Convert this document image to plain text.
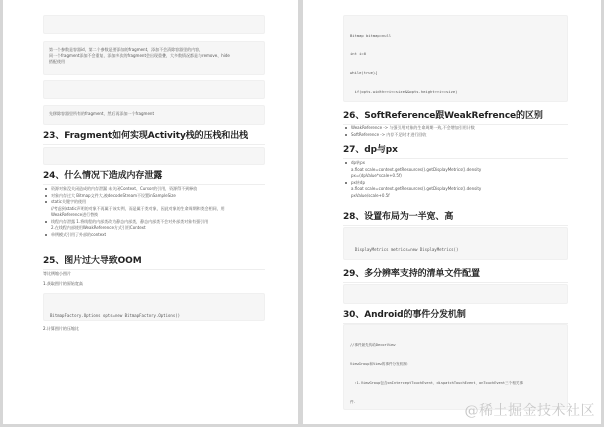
第一个参数是容器id，第二个参数是要添加的fragment，添加不会清除容器里的内容，
同一个fragment添加不会重复，添加多次的fragment会出现重叠，大多数情况都是与remove、hide
搭配使用

先移除容器里所有的fragment，然后再添加一个fragment
23、Fragment如何实现Activity栈的压栈和出栈

24、什么情况下造成内存泄露
资源对象没关闭造成的内存泄漏 未关闭Context、Cursor的引用，资源得不到释放
对象内存过大 Bitmap文件大,被decodeStream不设置inSampleSize
static关键字的使用
//考虑到static声明的对象不再属于该实例，而是属于类对象，因此对象的生命周期和类会相同，用
WeakReference进行替换
线程内存泄露 1.将线程的内部类改为静态内部类，静态内部类不会对外部类对象有强引用
2.在线程内部使用WeakReference方式引用Context
单例模式引用了外部的context
25、图片过大导致OOM
等比例缩小图片
1.获取图片的原始宽高

BitmapFactory.Options opts=new BitmapFactory.Options()

2.计算图片的压缩比

Bitmap bitmap=null

int i=0

while(true){

if(opts.width>>i<=size&&opts.height>>i<=size)

26、SoftReference跟WeakRefrence的区别
WeakReference -> 与强引用对象的生命周期一致,不会增加引用计数
SoftReference -> 内存不足时才进行回收
27、dp与px
dp转px
a.float scale=context.getResources().getDisplayMetrics().density
px=(dpValue*scale+0.5f)
px转dp
a.float scale=context.getResources().getDisplayMetrics().density
pxValue/scale+0.5f
28、设置布局为一半宽、高

DisplayMetrics metrics=new DisplayMetrics()

29、多分辨率支持的清单文件配置

30、Android的事件分发机制

//事件最先传给DecorView

ViewGroup和View的事件分发机制：

:1.ViewGroup包含onInterceptTouchEvent、dispatchTouchEvent、onTouchEvent三个相关事

件.

@稀土掘金技术社区
